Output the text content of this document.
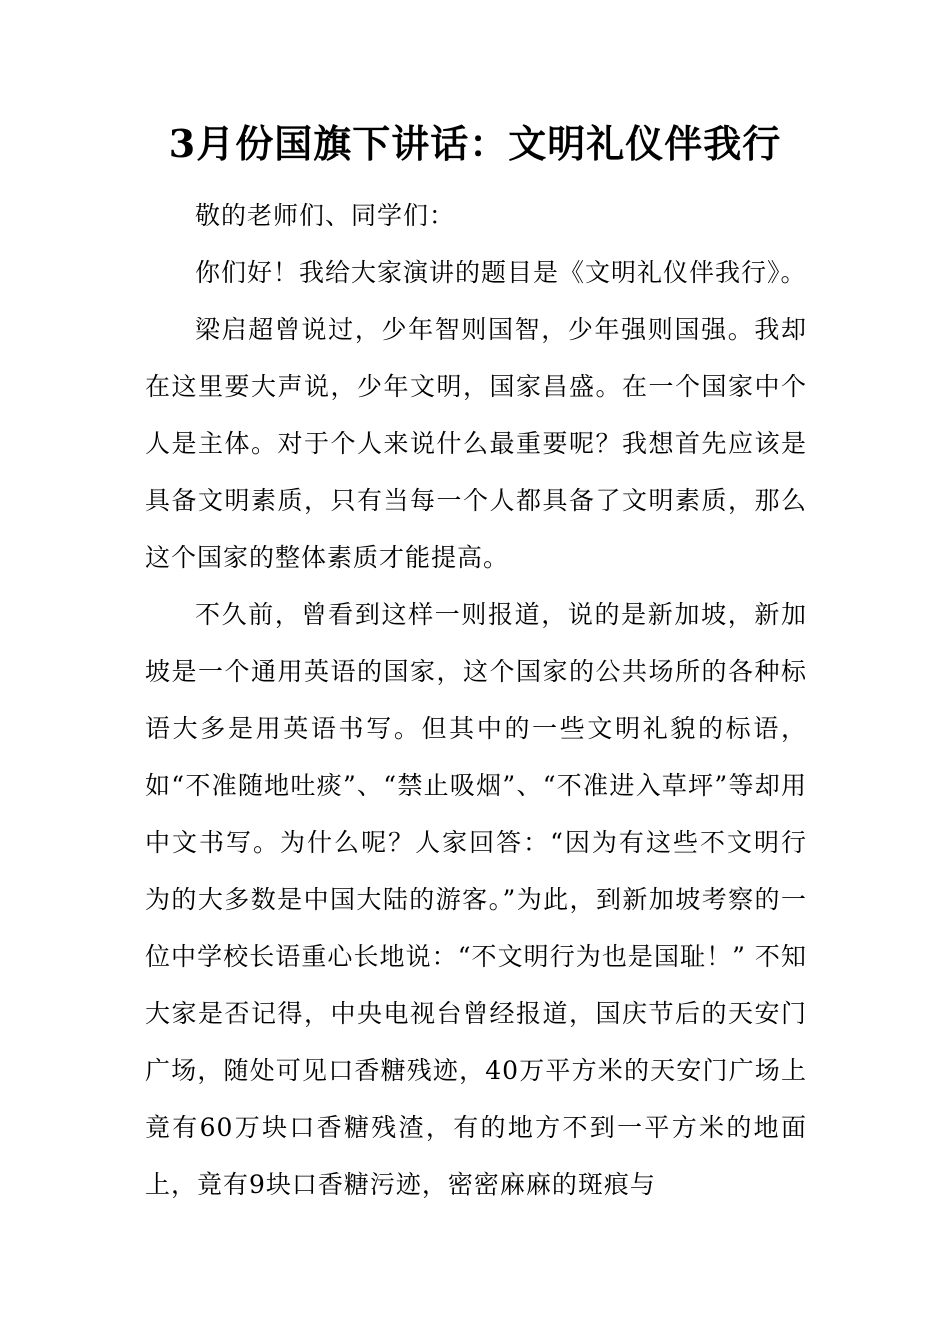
3月份国旗下讲话：文明礼仪伴我行

敬的老师们、同学们：

你们好！我给大家演讲的题目是《文明礼仪伴我行》。

梁启超曾说过，少年智则国智，少年强则国强。我却在这里要大声说，少年文明，国家昌盛。在一个国家中个人是主体。对于个人来说什么最重要呢？我想首先应该是具备文明素质，只有当每一个人都具备了文明素质，那么这个国家的整体素质才能提高。

不久前，曾看到这样一则报道，说的是新加坡，新加坡是一个通用英语的国家，这个国家的公共场所的各种标语大多是用英语书写。但其中的一些文明礼貌的标语，如“不准随地吐痰”、“禁止吸烟”、“不准进入草坪”等却用中文书写。为什么呢？人家回答：“因为有这些不文明行为的大多数是中国大陆的游客。”为此，到新加坡考察的一位中学校长语重心长地说：“不文明行为也是国耻！” 不知大家是否记得，中央电视台曾经报道，国庆节后的天安门广场，随处可见口香糖残迹，40万平方米的天安门广场上竟有60万块口香糖残渣，有的地方不到一平方米的地面上，竟有9块口香糖污迹，密密麻麻的斑痕与
